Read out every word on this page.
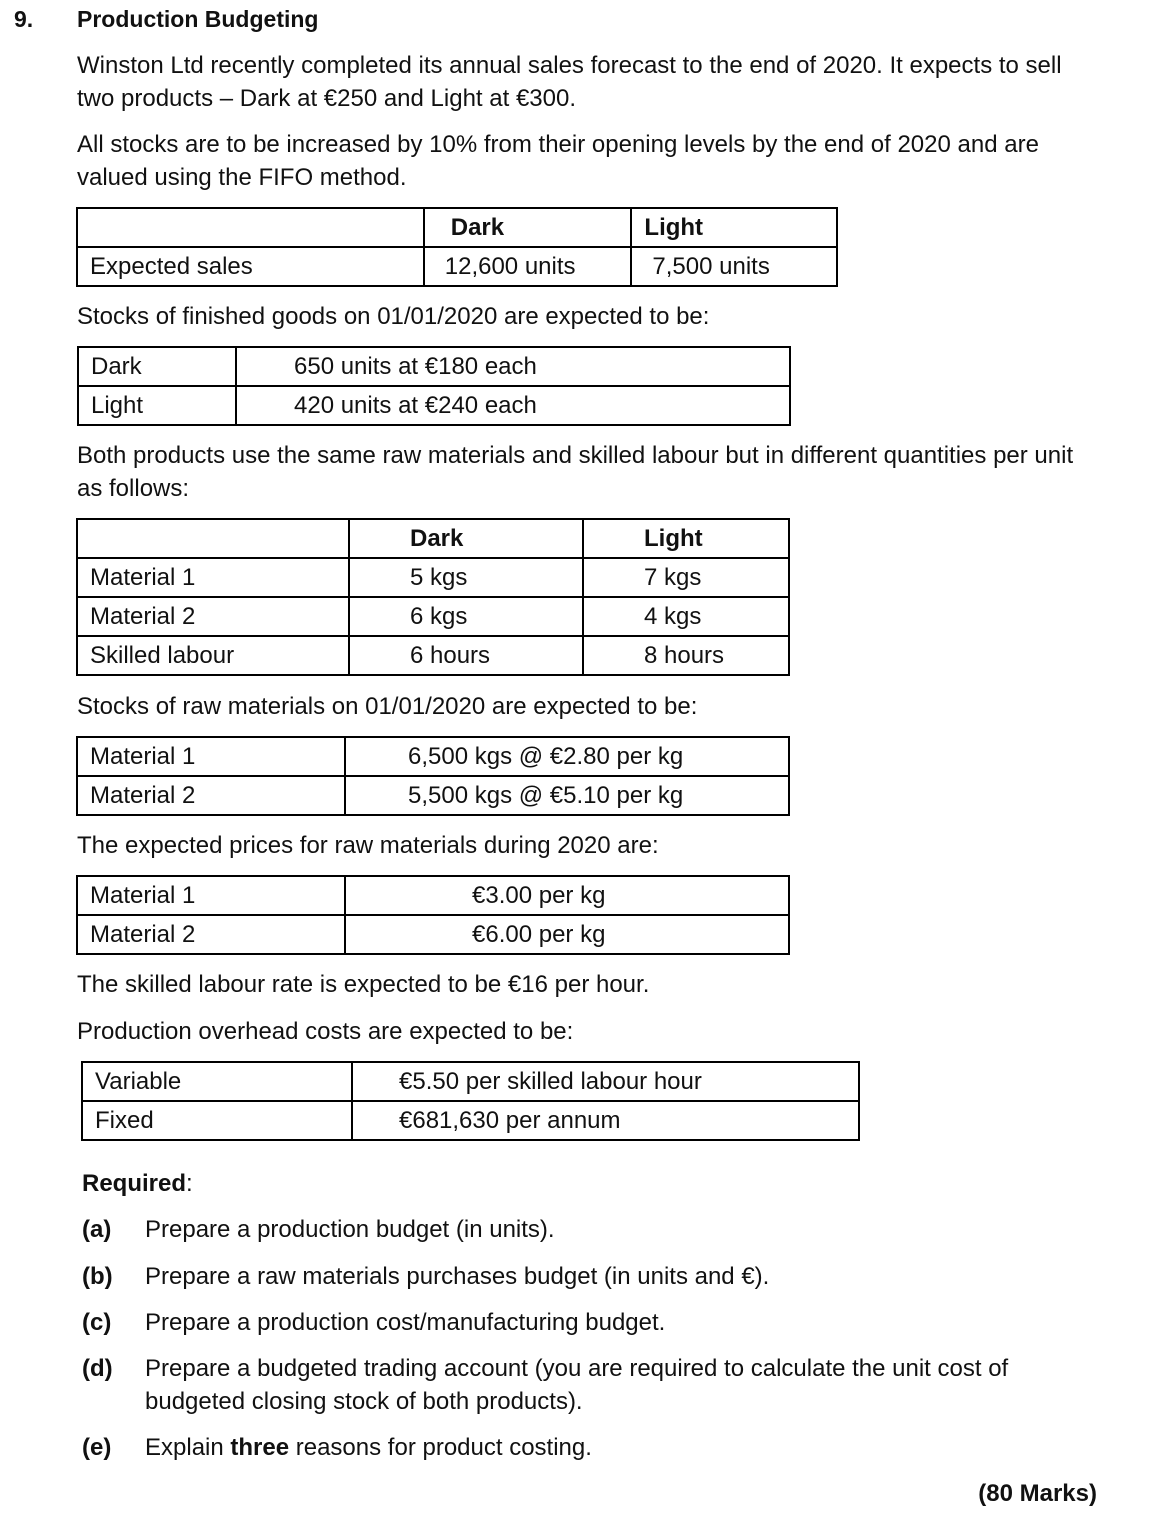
9. Production Budgeting
Winston Ltd recently completed its annual sales forecast to the end of 2020. It expects to sell two products – Dark at €250 and Light at €300.
All stocks are to be increased by 10% from their opening levels by the end of 2020 and are valued using the FIFO method.
	Dark	Light
Expected sales	12,600 units	7,500 units
Stocks of finished goods on 01/01/2020 are expected to be:
Dark	650 units at €180 each
Light	420 units at €240 each
Both products use the same raw materials and skilled labour but in different quantities per unit as follows:
	Dark	Light
Material 1	5 kgs	7 kgs
Material 2	6 kgs	4 kgs
Skilled labour	6 hours	8 hours
Stocks of raw materials on 01/01/2020 are expected to be:
Material 1	6,500 kgs @ €2.80 per kg
Material 2	5,500 kgs @ €5.10 per kg
The expected prices for raw materials during 2020 are:
Material 1	€3.00 per kg
Material 2	€6.00 per kg
The skilled labour rate is expected to be €16 per hour.
Production overhead costs are expected to be:
Variable	€5.50 per skilled labour hour
Fixed	€681,630 per annum
Required:
(a) Prepare a production budget (in units).
(b) Prepare a raw materials purchases budget (in units and €).
(c) Prepare a production cost/manufacturing budget.
(d) Prepare a budgeted trading account (you are required to calculate the unit cost of budgeted closing stock of both products).
(e) Explain three reasons for product costing.
(80 Marks)
